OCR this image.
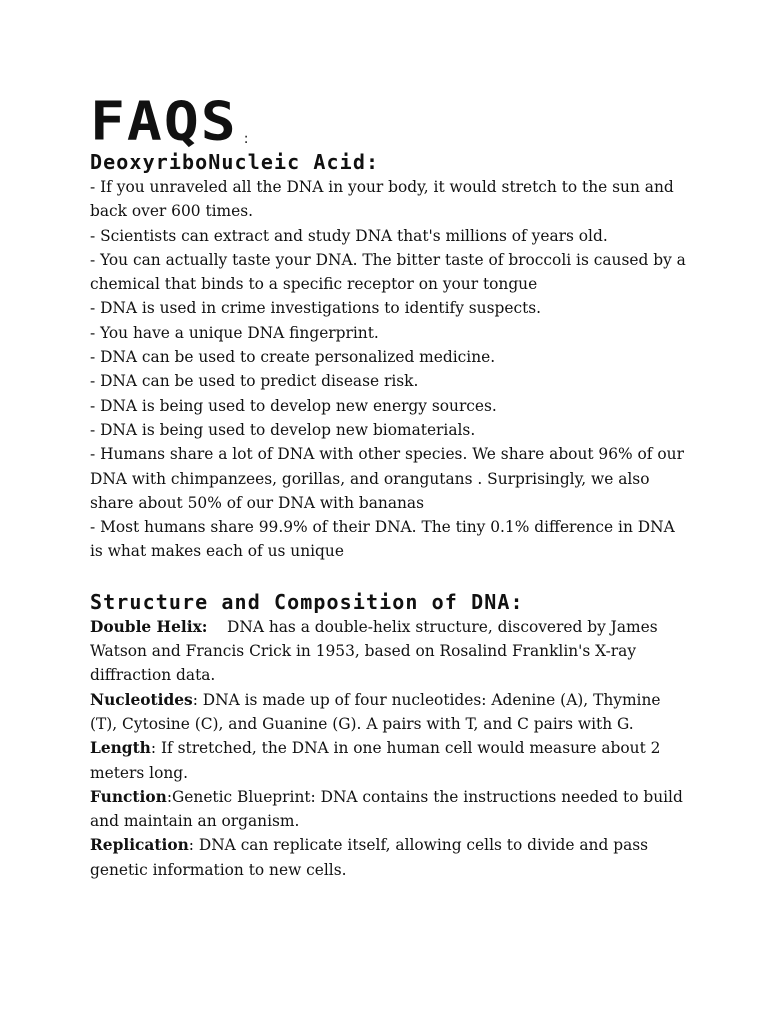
FAQS :
DeoxyriboNucleic Acid:

- If you unraveled all the DNA in your body, it would stretch to the sun and back over 600 times.

- Scientists can extract and study DNA that's millions of years old.

- You can actually taste your DNA. The bitter taste of broccoli is caused by a chemical that binds to a specific receptor on your tongue

- DNA is used in crime investigations to identify suspects.

- You have a unique DNA fingerprint.

- DNA can be used to create personalized medicine.

- DNA can be used to predict disease risk.

- DNA is being used to develop new energy sources.

- DNA is being used to develop new biomaterials.

- Humans share a lot of DNA with other species. We share about 96% of our DNA with chimpanzees, gorillas, and orangutans . Surprisingly, we also share about 50% of our DNA with bananas

- Most humans share 99.9% of their DNA. The tiny 0.1% difference in DNA is what makes each of us unique

Structure and Composition of DNA:

Double Helix:    DNA has a double-helix structure, discovered by James Watson and Francis Crick in 1953, based on Rosalind Franklin's X-ray diffraction data.

Nucleotides: DNA is made up of four nucleotides: Adenine (A), Thymine (T), Cytosine (C), and Guanine (G). A pairs with T, and C pairs with G.

Length: If stretched, the DNA in one human cell would measure about 2 meters long.

Function:Genetic Blueprint: DNA contains the instructions needed to build and maintain an organism.

Replication: DNA can replicate itself, allowing cells to divide and pass genetic information to new cells.
